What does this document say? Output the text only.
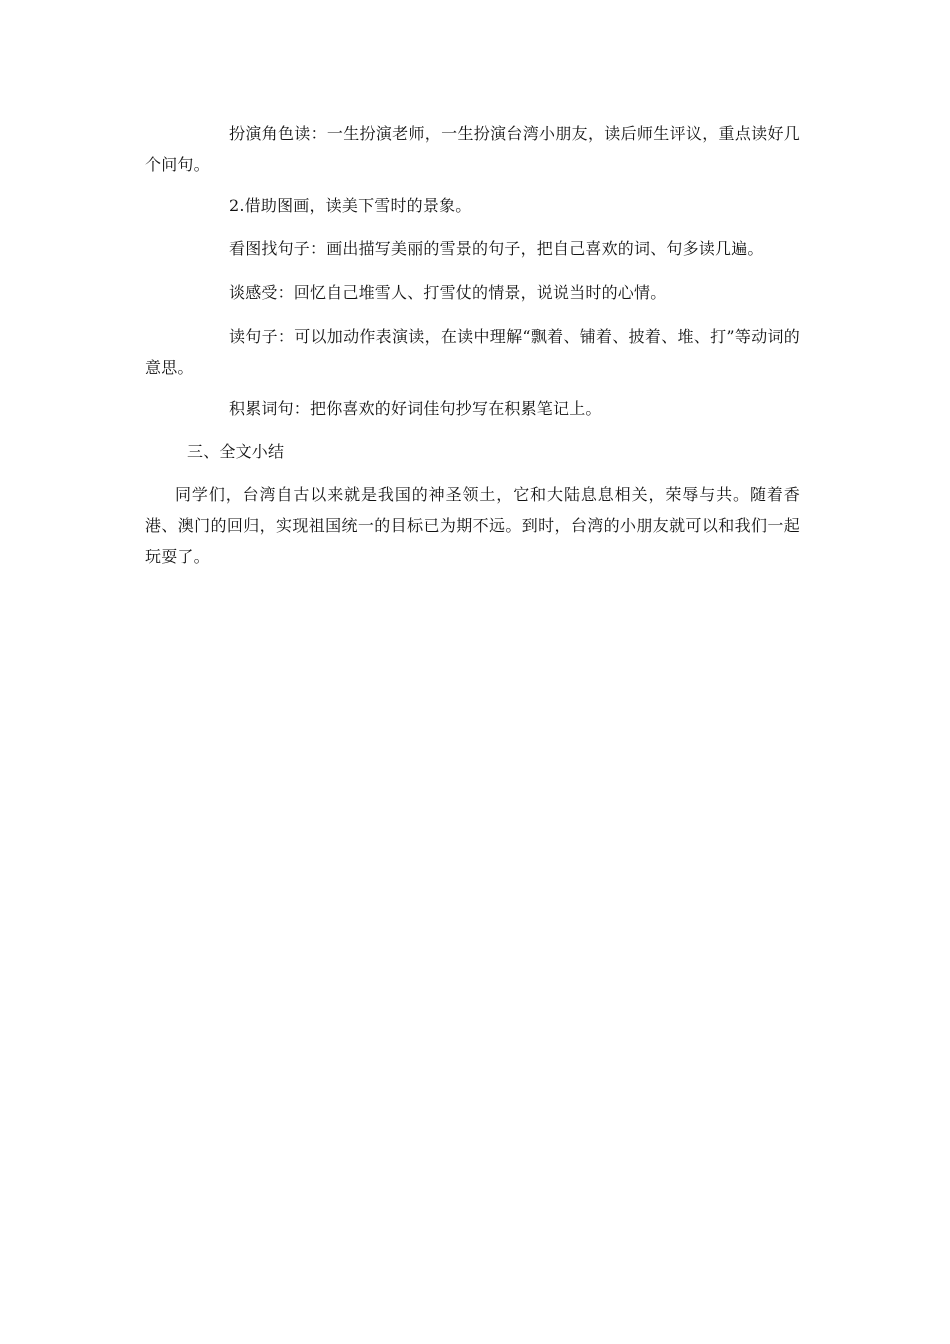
扮演角色读：一生扮演老师，一生扮演台湾小朋友，读后师生评议，重点读好几个问句。

2.借助图画，读美下雪时的景象。

看图找句子：画出描写美丽的雪景的句子，把自己喜欢的词、句多读几遍。

谈感受：回忆自己堆雪人、打雪仗的情景，说说当时的心情。

读句子：可以加动作表演读，在读中理解“飘着、铺着、披着、堆、打”等动词的意思。

积累词句：把你喜欢的好词佳句抄写在积累笔记上。

三、全文小结

同学们，台湾自古以来就是我国的神圣领土，它和大陆息息相关，荣辱与共。随着香港、澳门的回归，实现祖国统一的目标已为期不远。到时，台湾的小朋友就可以和我们一起玩耍了。
